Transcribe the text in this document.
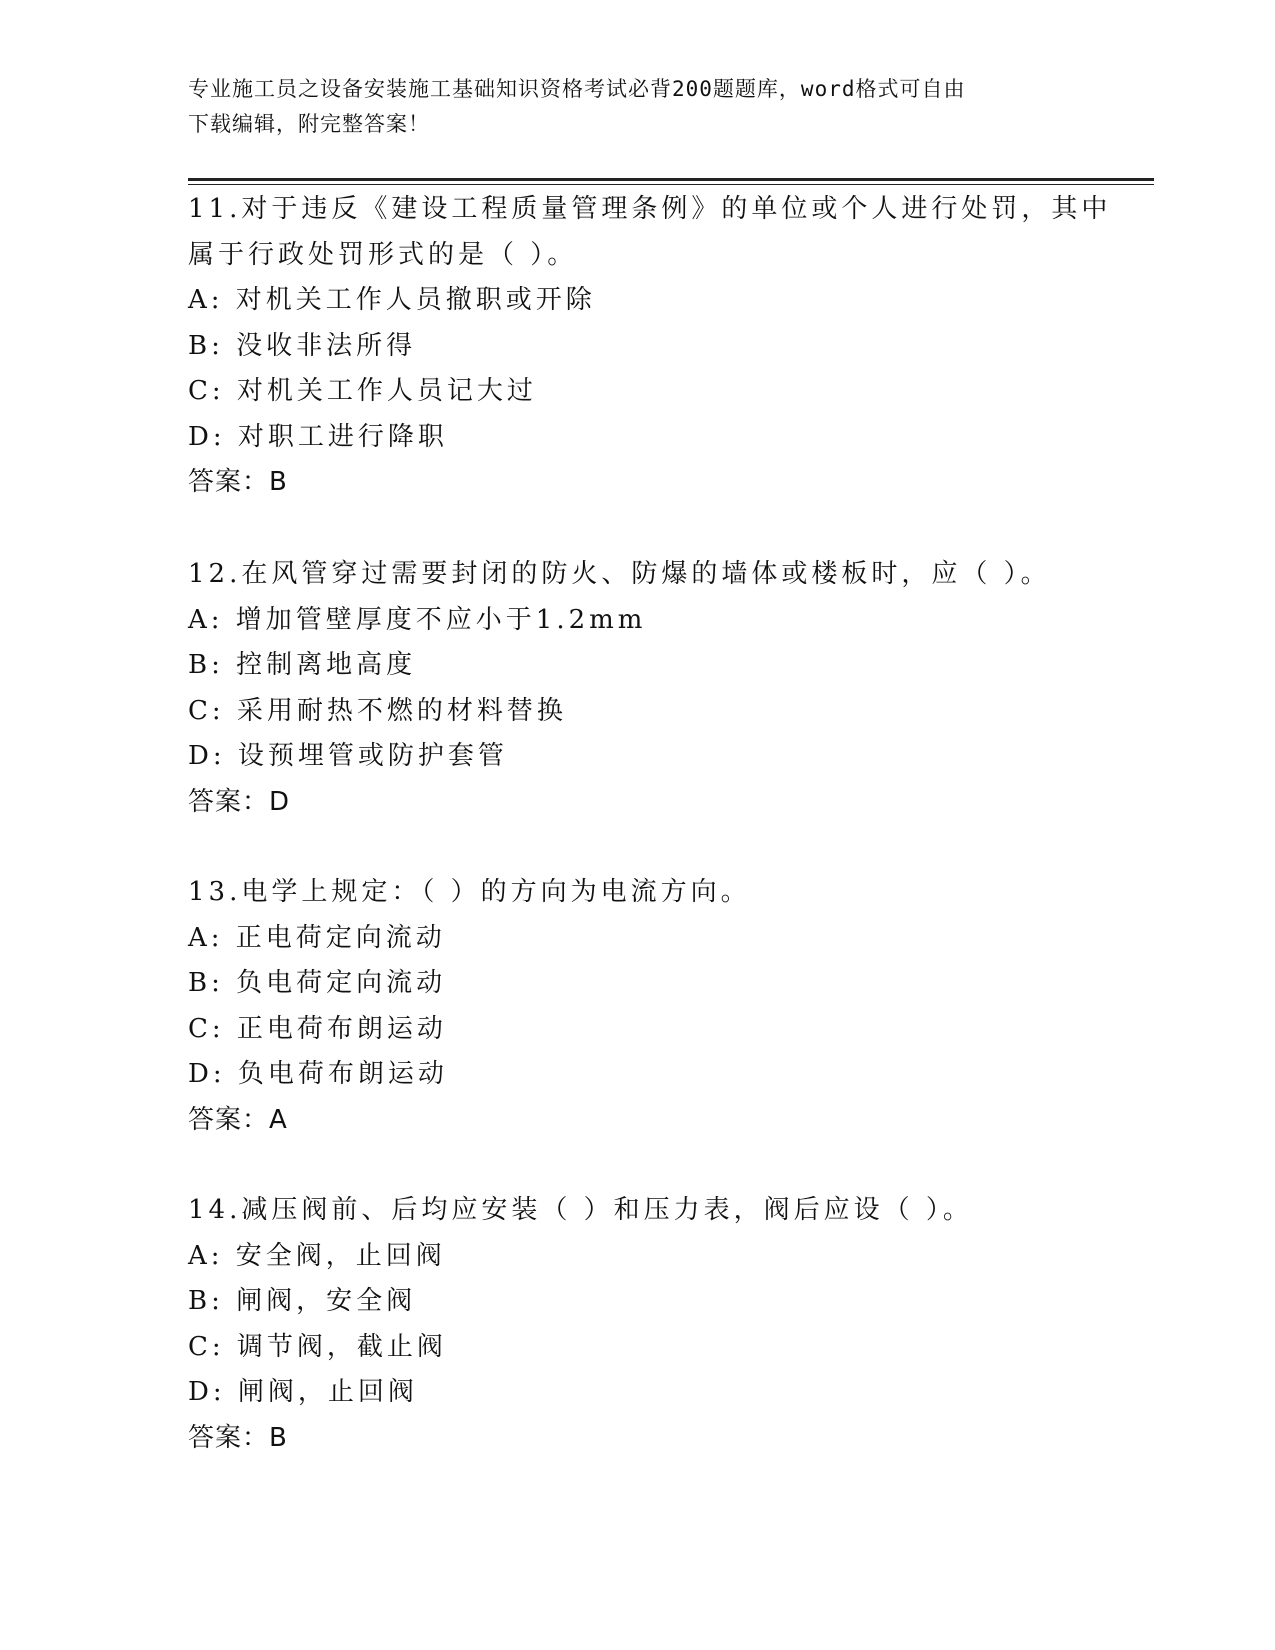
专业施工员之设备安装施工基础知识资格考试必背200题题库，word格式可自由
下载编辑，附完整答案！
11.对于违反《建设工程质量管理条例》的单位或个人进行处罚，其中
属于行政处罚形式的是（ ）。
A: 对机关工作人员撤职或开除
B: 没收非法所得
C: 对机关工作人员记大过
D: 对职工进行降职
答案：B
12.在风管穿过需要封闭的防火、防爆的墙体或楼板时，应（ ）。
A: 增加管壁厚度不应小于1.2mm
B: 控制离地高度
C: 采用耐热不燃的材料替换
D: 设预埋管或防护套管
答案：D
13.电学上规定：（ ）的方向为电流方向。
A: 正电荷定向流动
B: 负电荷定向流动
C: 正电荷布朗运动
D: 负电荷布朗运动
答案：A
14.减压阀前、后均应安装（ ）和压力表，阀后应设（ ）。
A: 安全阀，止回阀
B: 闸阀，安全阀
C: 调节阀，截止阀
D: 闸阀，止回阀
答案：B
